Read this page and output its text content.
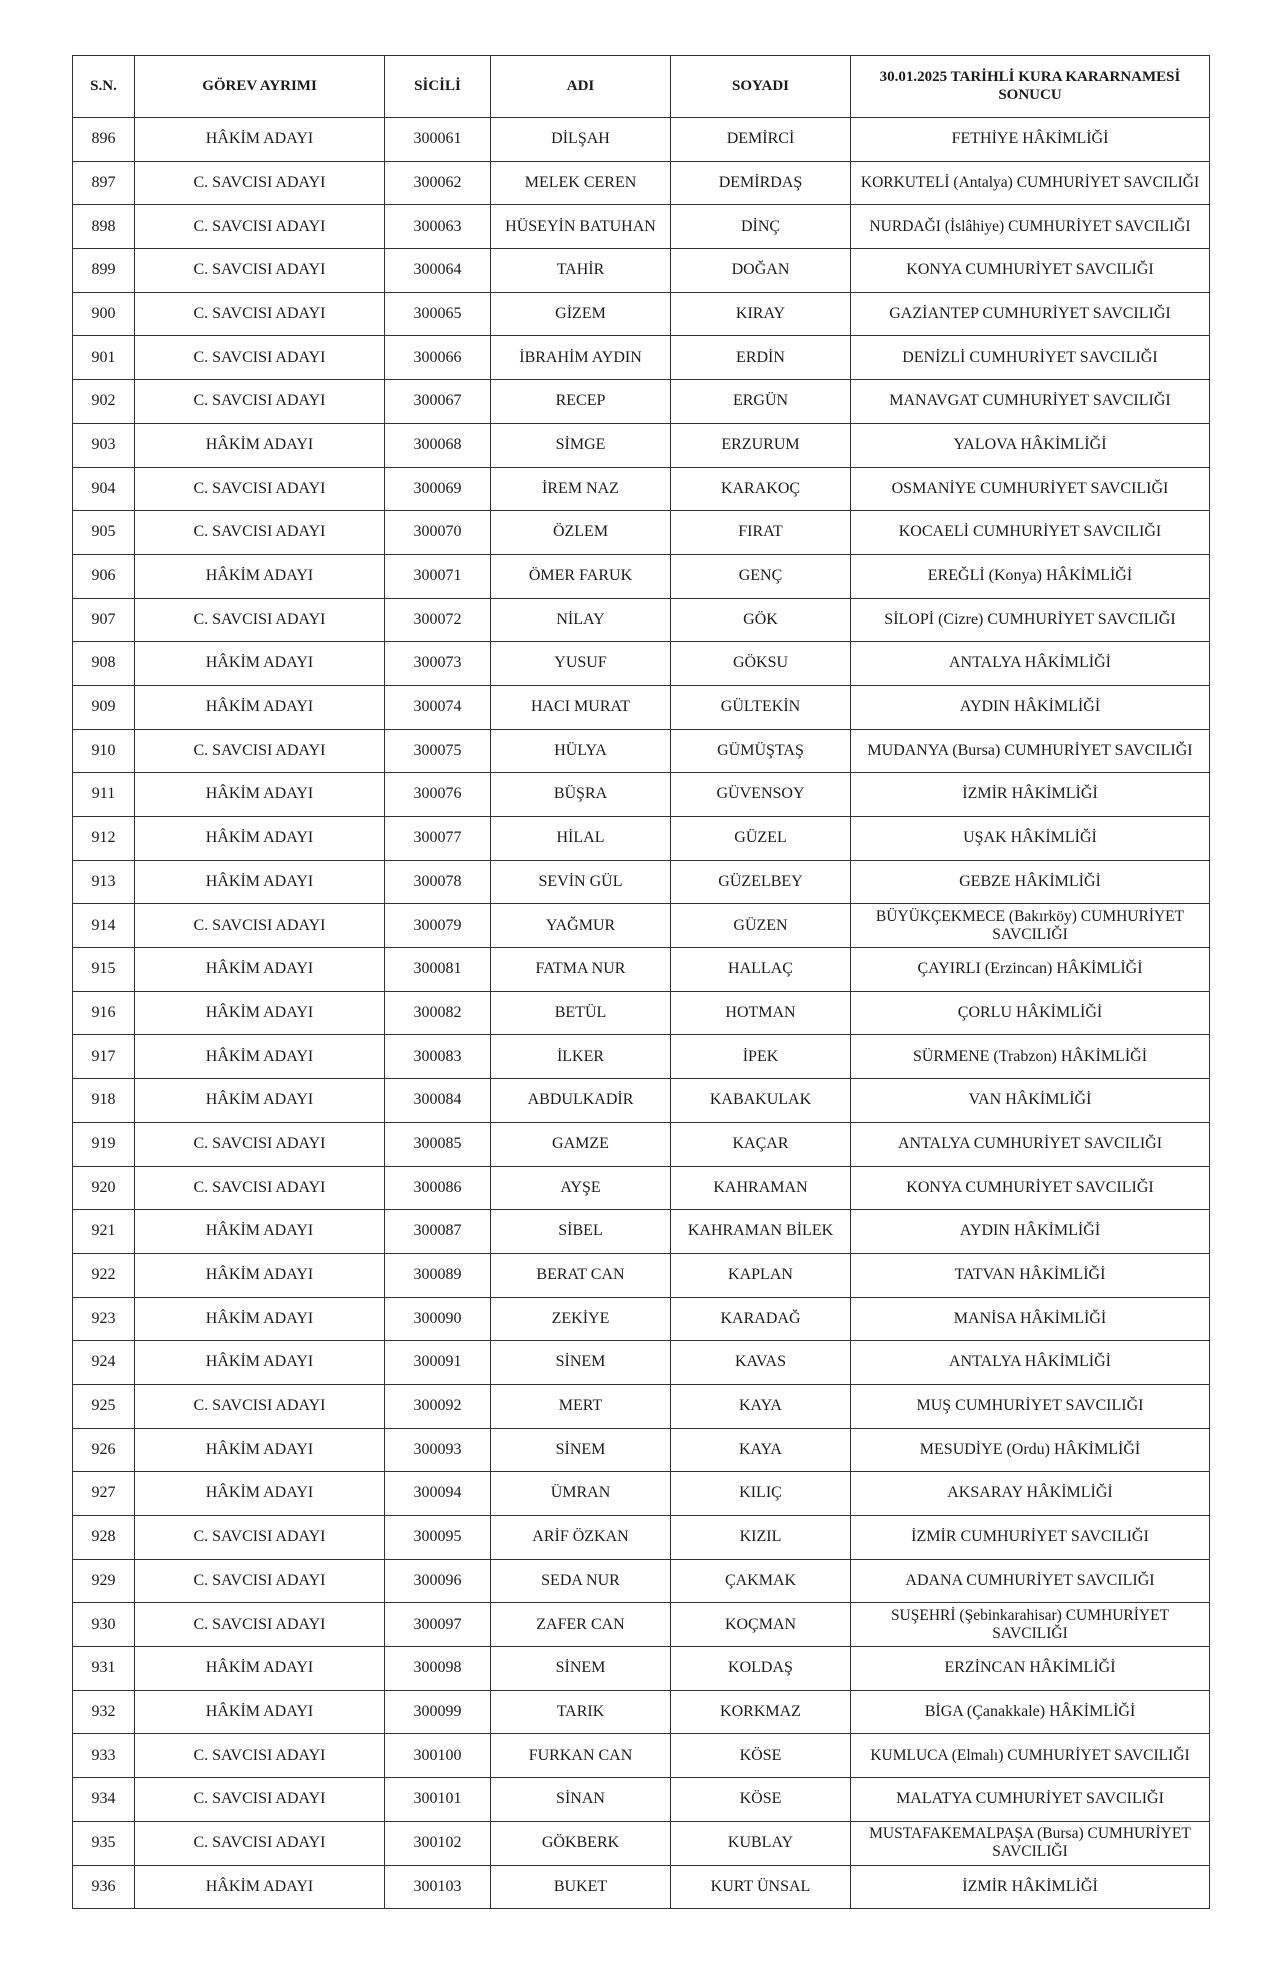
S.N.	GÖREV AYRIMI	SİCİLİ	ADI	SOYADI	30.01.2025 TARİHLİ KURA KARARNAMESİ SONUCU
896	HÂKİM ADAYI	300061	DİLŞAH	DEMİRCİ	FETHİYE HÂKİMLİĞİ
897	C. SAVCISI ADAYI	300062	MELEK CEREN	DEMİRDAŞ	KORKUTELİ (Antalya) CUMHURİYET SAVCILIĞI
898	C. SAVCISI ADAYI	300063	HÜSEYİN BATUHAN	DİNÇ	NURDAĞI (İslâhiye) CUMHURİYET SAVCILIĞI
899	C. SAVCISI ADAYI	300064	TAHİR	DOĞAN	KONYA CUMHURİYET SAVCILIĞI
900	C. SAVCISI ADAYI	300065	GİZEM	KIRAY	GAZİANTEP CUMHURİYET SAVCILIĞI
901	C. SAVCISI ADAYI	300066	İBRAHİM AYDIN	ERDİN	DENİZLİ CUMHURİYET SAVCILIĞI
902	C. SAVCISI ADAYI	300067	RECEP	ERGÜN	MANAVGAT CUMHURİYET SAVCILIĞI
903	HÂKİM ADAYI	300068	SİMGE	ERZURUM	YALOVA HÂKİMLİĞİ
904	C. SAVCISI ADAYI	300069	İREM NAZ	KARAKOÇ	OSMANİYE CUMHURİYET SAVCILIĞI
905	C. SAVCISI ADAYI	300070	ÖZLEM	FIRAT	KOCAELİ CUMHURİYET SAVCILIĞI
906	HÂKİM ADAYI	300071	ÖMER FARUK	GENÇ	EREĞLİ (Konya) HÂKİMLİĞİ
907	C. SAVCISI ADAYI	300072	NİLAY	GÖK	SİLOPİ (Cizre) CUMHURİYET SAVCILIĞI
908	HÂKİM ADAYI	300073	YUSUF	GÖKSU	ANTALYA HÂKİMLİĞİ
909	HÂKİM ADAYI	300074	HACI MURAT	GÜLTEKİN	AYDIN HÂKİMLİĞİ
910	C. SAVCISI ADAYI	300075	HÜLYA	GÜMÜŞTAŞ	MUDANYA (Bursa) CUMHURİYET SAVCILIĞI
911	HÂKİM ADAYI	300076	BÜŞRA	GÜVENSOY	İZMİR HÂKİMLİĞİ
912	HÂKİM ADAYI	300077	HİLAL	GÜZEL	UŞAK HÂKİMLİĞİ
913	HÂKİM ADAYI	300078	SEVİN GÜL	GÜZELBEY	GEBZE HÂKİMLİĞİ
914	C. SAVCISI ADAYI	300079	YAĞMUR	GÜZEN	BÜYÜKÇEKMECE (Bakırköy) CUMHURİYET SAVCILIĞI
915	HÂKİM ADAYI	300081	FATMA NUR	HALLAÇ	ÇAYIRLI (Erzincan) HÂKİMLİĞİ
916	HÂKİM ADAYI	300082	BETÜL	HOTMAN	ÇORLU HÂKİMLİĞİ
917	HÂKİM ADAYI	300083	İLKER	İPEK	SÜRMENE (Trabzon) HÂKİMLİĞİ
918	HÂKİM ADAYI	300084	ABDULKADİR	KABAKULAK	VAN HÂKİMLİĞİ
919	C. SAVCISI ADAYI	300085	GAMZE	KAÇAR	ANTALYA CUMHURİYET SAVCILIĞI
920	C. SAVCISI ADAYI	300086	AYŞE	KAHRAMAN	KONYA CUMHURİYET SAVCILIĞI
921	HÂKİM ADAYI	300087	SİBEL	KAHRAMAN BİLEK	AYDIN HÂKİMLİĞİ
922	HÂKİM ADAYI	300089	BERAT CAN	KAPLAN	TATVAN HÂKİMLİĞİ
923	HÂKİM ADAYI	300090	ZEKİYE	KARADAĞ	MANİSA HÂKİMLİĞİ
924	HÂKİM ADAYI	300091	SİNEM	KAVAS	ANTALYA HÂKİMLİĞİ
925	C. SAVCISI ADAYI	300092	MERT	KAYA	MUŞ CUMHURİYET SAVCILIĞI
926	HÂKİM ADAYI	300093	SİNEM	KAYA	MESUDİYE (Ordu) HÂKİMLİĞİ
927	HÂKİM ADAYI	300094	ÜMRAN	KILIÇ	AKSARAY HÂKİMLİĞİ
928	C. SAVCISI ADAYI	300095	ARİF ÖZKAN	KIZIL	İZMİR CUMHURİYET SAVCILIĞI
929	C. SAVCISI ADAYI	300096	SEDA NUR	ÇAKMAK	ADANA CUMHURİYET SAVCILIĞI
930	C. SAVCISI ADAYI	300097	ZAFER CAN	KOÇMAN	SUŞEHRİ (Şebinkarahisar) CUMHURİYET SAVCILIĞI
931	HÂKİM ADAYI	300098	SİNEM	KOLDAŞ	ERZİNCAN HÂKİMLİĞİ
932	HÂKİM ADAYI	300099	TARIK	KORKMAZ	BİGA (Çanakkale) HÂKİMLİĞİ
933	C. SAVCISI ADAYI	300100	FURKAN CAN	KÖSE	KUMLUCA (Elmalı) CUMHURİYET SAVCILIĞI
934	C. SAVCISI ADAYI	300101	SİNAN	KÖSE	MALATYA CUMHURİYET SAVCILIĞI
935	C. SAVCISI ADAYI	300102	GÖKBERK	KUBLAY	MUSTAFAKEMALPAŞA (Bursa) CUMHURİYET SAVCILIĞI
936	HÂKİM ADAYI	300103	BUKET	KURT ÜNSAL	İZMİR HÂKİMLİĞİ
